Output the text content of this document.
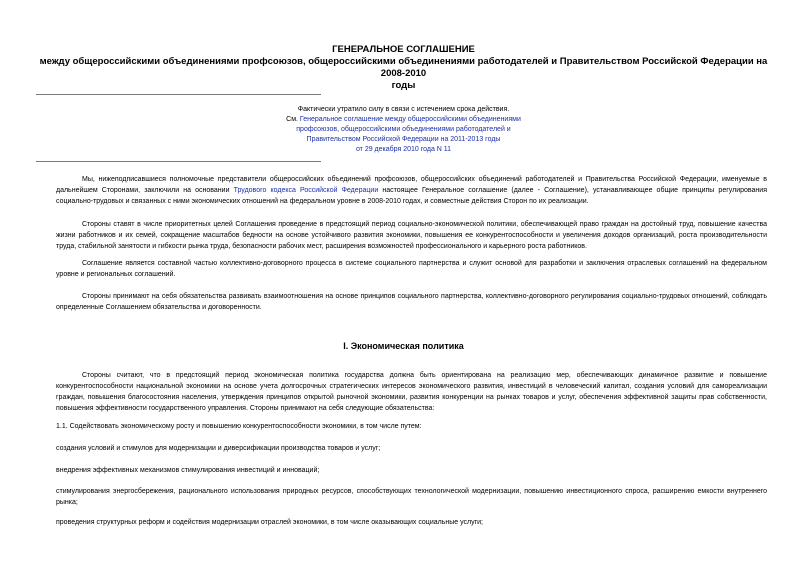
ГЕНЕРАЛЬНОЕ СОГЛАШЕНИЕ
между общероссийскими объединениями профсоюзов, общероссийскими объединениями работодателей и Правительством Российской Федерации на 2008-2010
годы
Фактически утратило силу в связи с истечением срока действия.
См. Генеральное соглашение между общероссийскими объединениями
профсоюзов, общероссийскими объединениями работодателей и
Правительством Российской Федерации на 2011-2013 годы
от 29 декабря 2010 года N 11
Мы, нижеподписавшиеся полномочные представители общероссийских объединений профсоюзов, общероссийских объединений работодателей и Правительства Российской Федерации, именуемые в дальнейшем Сторонами, заключили на основании Трудового кодекса Российской Федерации настоящее Генеральное соглашение (далее - Соглашение), устанавливающее общие принципы регулирования социально-трудовых и связанных с ними экономических отношений на федеральном уровне в 2008-2010 годах, и совместные действия Сторон по их реализации.
Стороны ставят в числе приоритетных целей Соглашения проведение в предстоящий период социально-экономической политики, обеспечивающей право граждан на достойный труд, повышение качества жизни работников и их семей, сокращение масштабов бедности на основе устойчивого развития экономики, повышения ее конкурентоспособности и увеличения доходов организаций, роста производительности труда, стабильной занятости и гибкости рынка труда, безопасности рабочих мест, расширения возможностей профессионального и карьерного роста работников.
Соглашение является составной частью коллективно-договорного процесса в системе социального партнерства и служит основой для разработки и заключения отраслевых соглашений на федеральном уровне и региональных соглашений.
Стороны принимают на себя обязательства развивать взаимоотношения на основе принципов социального партнерства, коллективно-договорного регулирования социально-трудовых отношений, соблюдать определенные Соглашением обязательства и договоренности.
I. Экономическая политика
Стороны считают, что в предстоящий период экономическая политика государства должна быть ориентирована на реализацию мер, обеспечивающих динамичное развитие и повышение конкурентоспособности национальной экономики на основе учета долгосрочных стратегических интересов экономического развития, инвестиций в человеческий капитал, создания условий для самореализации граждан, повышения благосостояния населения, утверждения принципов открытой рыночной экономики, развития конкуренции на рынках товаров и услуг, обеспечения эффективной защиты прав собственности, повышения эффективности государственного управления. Стороны принимают на себя следующие обязательства:
1.1. Содействовать экономическому росту и повышению конкурентоспособности экономики, в том числе путем:
создания условий и стимулов для модернизации и диверсификации производства товаров и услуг;
внедрения эффективных механизмов стимулирования инвестиций и инноваций;
стимулирования энергосбережения, рационального использования природных ресурсов, способствующих технологической модернизации, повышению инвестиционного спроса, расширению емкости внутреннего рынка;
проведения структурных реформ и содействия модернизации отраслей экономики, в том числе оказывающих социальные услуги;
